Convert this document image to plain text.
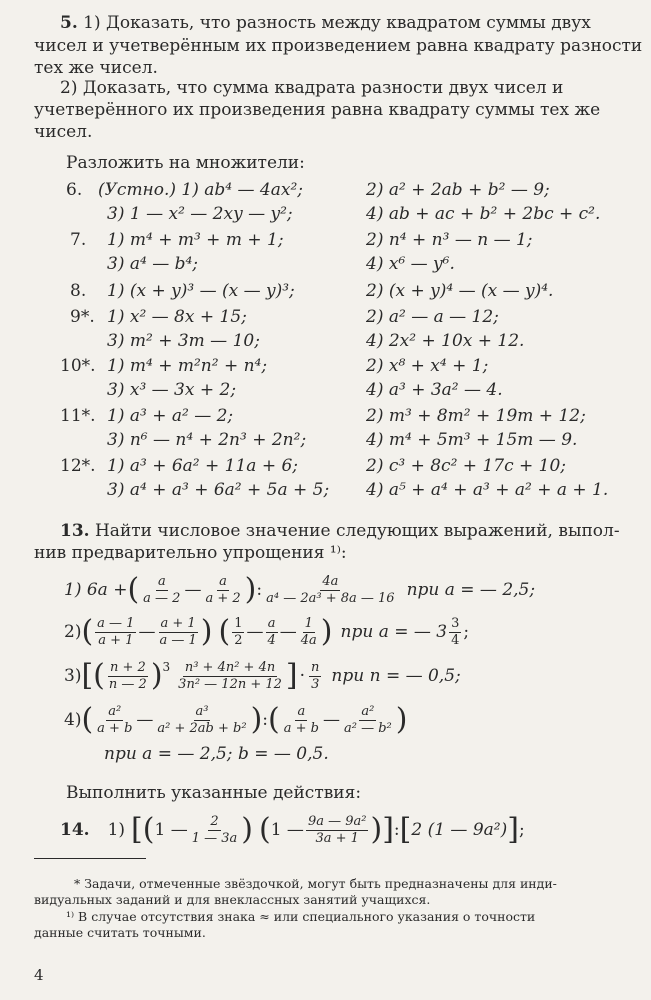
5. 1) Доказать, что разность между квадратом суммы двух
чисел и учетверённым их произведением равна квадрату разности
тех же чисел.
2) Доказать, что сумма квадрата разности двух чисел и
учетверённого их произведения равна квадрату суммы тех же
чисел.
Разложить на множители:
6. (Устно.) 1) ab⁴ — 4ax²;	2) a² + 2ab + b² — 9;
3) 1 — x² — 2xy — y²;	4) ab + ac + b² + 2bc + c².
7. 1) m⁴ + m³ + m + 1;	2) n⁴ + n³ — n — 1;
3) a⁴ — b⁴;	4) x⁶ — y⁶.
8. 1) (x + y)³ — (x — y)³;	2) (x + y)⁴ — (x — y)⁴.
9*. 1) x² — 8x + 15;	2) a² — a — 12;
3) m² + 3m — 10;	4) 2x² + 10x + 12.
10*. 1) m⁴ + m²n² + n⁴;	2) x⁸ + x⁴ + 1;
3) x³ — 3x + 2;	4) a³ + 3a² — 4.
11*. 1) a³ + a² — 2;	2) m³ + 8m² + 19m + 12;
3) n⁶ — n⁴ + 2n³ + 2n²;	4) m⁴ + 5m³ + 15m — 9.
12*. 1) a³ + 6a² + 11a + 6;	2) c³ + 8c² + 17c + 10;
3) a⁴ + a³ + 6a² + 5a + 5; 4) a⁵ + a⁴ + a³ + a² + a + 1.
13. Найти числовое значение следующих выражений, выпол-
нив предварительно упрощения ¹⁾:
1) 6a + ( $\frac{a}{a — 2}$ — $\frac{a}{a + 2}$ ) : $\frac{4a}{\text{a⁴ — 2a³ + 8a — 16}}$ при a = — 2,5;
2) ( $\frac{a — 1}{a + 1}$ — $\frac{a + 1}{a — 1}$ ) ( $\frac{1}{2}$ — $\frac{a}{4}$ — $\frac{1}{4a}$ ) при a = — $3 \frac{3}{4}$ ;
3) [ ( $\frac{n + 2}{n — 2} )^3 \frac{\text{n³ + 4n² + 4n}}{\text{3n² — 12n + 12}}$ ] · $\frac{n}{3}$ при n = — 0,5;
4) ( $\frac{\text{a²}}{a + b}$ — $\frac{\text{a³}}{\text{a² + 2ab + b²}}$ ) : ( $\frac{a}{a + b}$ — $\frac{\text{a²}}{\text{a² — b²}}$ )
при a = — 2,5; b = — 0,5.
Выполнить указанные действия:
14. 1) [ ( 1 — $\frac{2}{1 — 3a}$ ) ( 1 — $\frac{\text{9a — 9a²}}{3a + 1}$ ) ] : [ 2 (1 — 9a²) ] ;
* Задачи, отмеченные звёздочкой, могут быть предназначены для инди-
видуальных заданий и для внеклассных занятий учащихся.
¹⁾ В случае отсутствия знака ≈ или специального указания о точности
данные считать точными.
4
